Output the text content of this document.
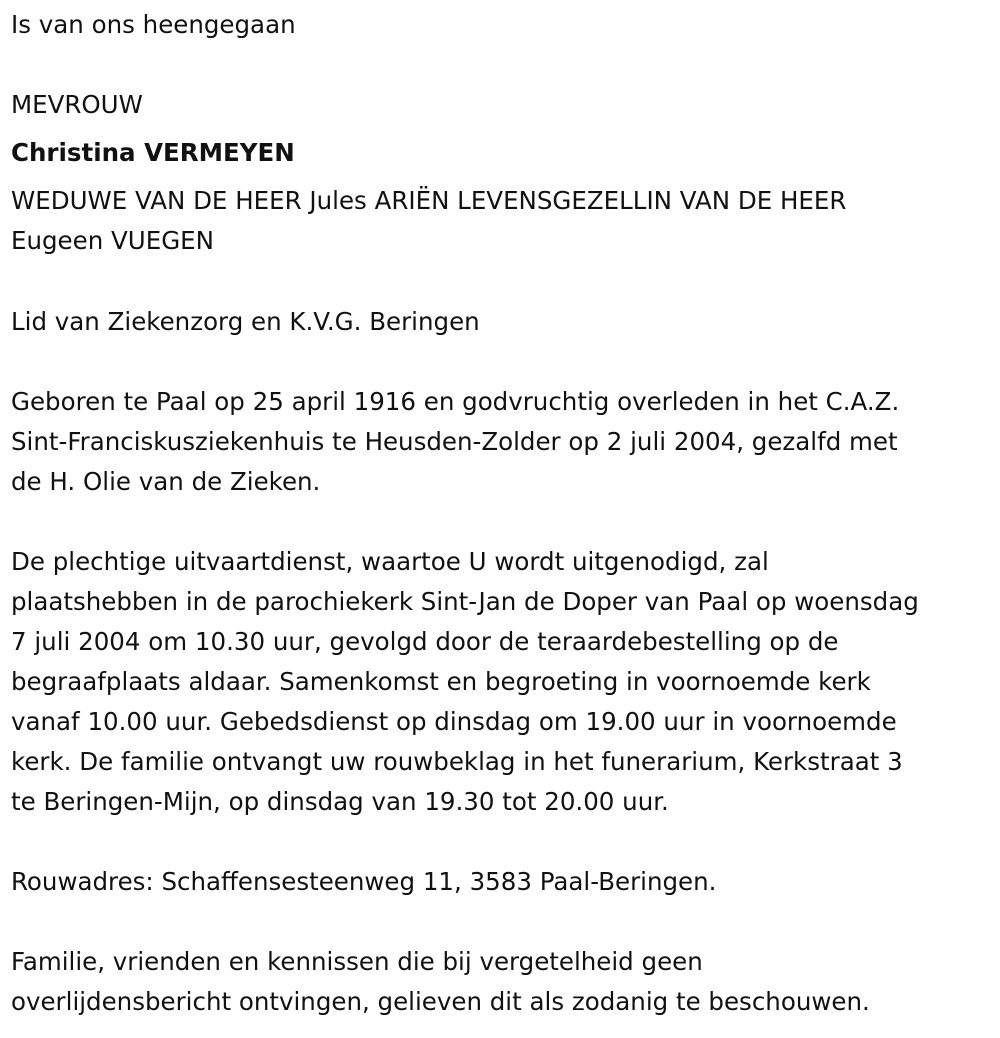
Is van ons heengegaan
MEVROUW
Christina VERMEYEN
WEDUWE VAN DE HEER Jules ARIËN LEVENSGEZELLIN VAN DE HEER
Eugeen VUEGEN
Lid van Ziekenzorg en K.V.G. Beringen
Geboren te Paal op 25 april 1916 en godvruchtig overleden in het C.A.Z.
Sint-Franciskusziekenhuis te Heusden-Zolder op 2 juli 2004, gezalfd met
de H. Olie van de Zieken.
De plechtige uitvaartdienst, waartoe U wordt uitgenodigd, zal
plaatshebben in de parochiekerk Sint-Jan de Doper van Paal op woensdag
7 juli 2004 om 10.30 uur, gevolgd door de teraardebestelling op de
begraafplaats aldaar. Samenkomst en begroeting in voornoemde kerk
vanaf 10.00 uur. Gebedsdienst op dinsdag om 19.00 uur in voornoemde
kerk. De familie ontvangt uw rouwbeklag in het funerarium, Kerkstraat 3
te Beringen-Mijn, op dinsdag van 19.30 tot 20.00 uur.
Rouwadres: Schaffensesteenweg 11, 3583 Paal-Beringen.
Familie, vrienden en kennissen die bij vergetelheid geen
overlijdensbericht ontvingen, gelieven dit als zodanig te beschouwen.
